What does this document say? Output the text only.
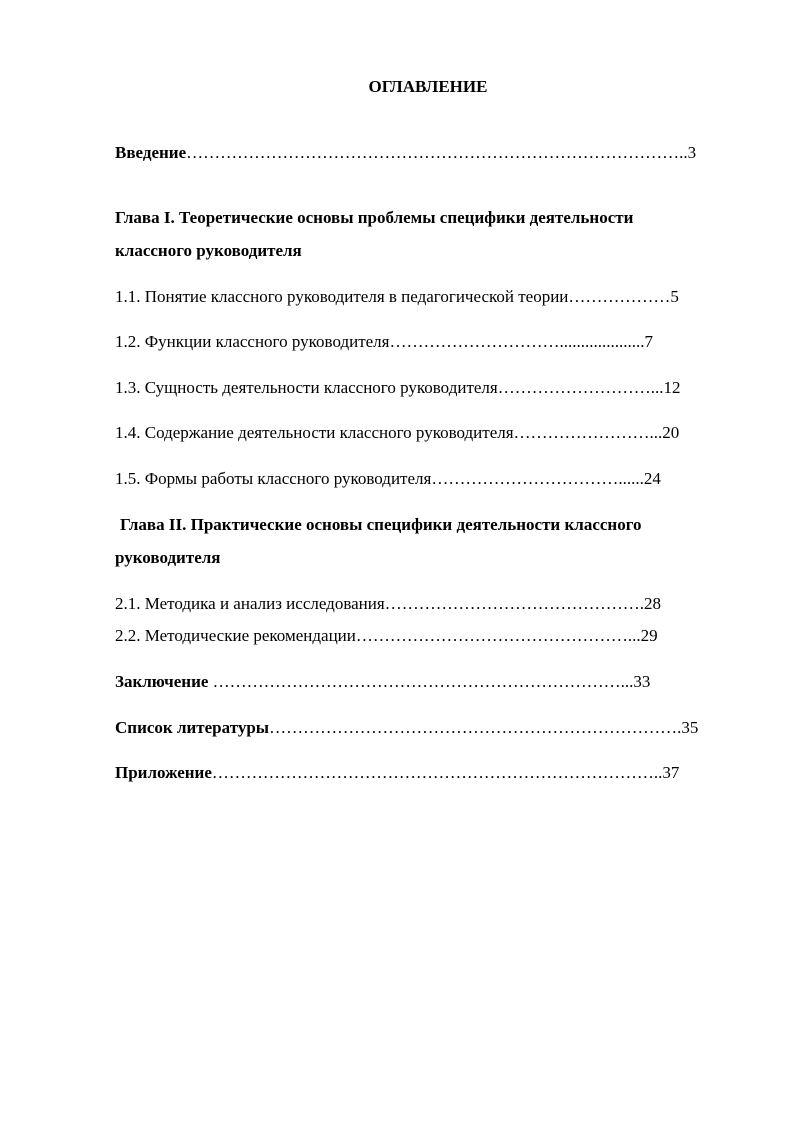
ОГЛАВЛЕНИЕ
Введение……………………………………………………………………………..3
Глава I. Теоретические основы проблемы специфики деятельности
классного руководителя
1.1. Понятие классного руководителя в педагогической теории………………5
1.2. Функции классного руководителя…………………………....................7
1.3. Сущность деятельности классного руководителя………………………...12
1.4. Содержание деятельности классного руководителя……………………...20
1.5. Формы работы классного руководителя……………………………......24
Глава II. Практические основы специфики деятельности классного
руководителя
2.1. Методика и анализ исследования……………………………………….28
2.2. Методические рекомендации…………………………………………...29
Заключение ………………………………………………………………...33
Список литературы……………………………………………………………….35
Приложение……………………………………………………………………..37
